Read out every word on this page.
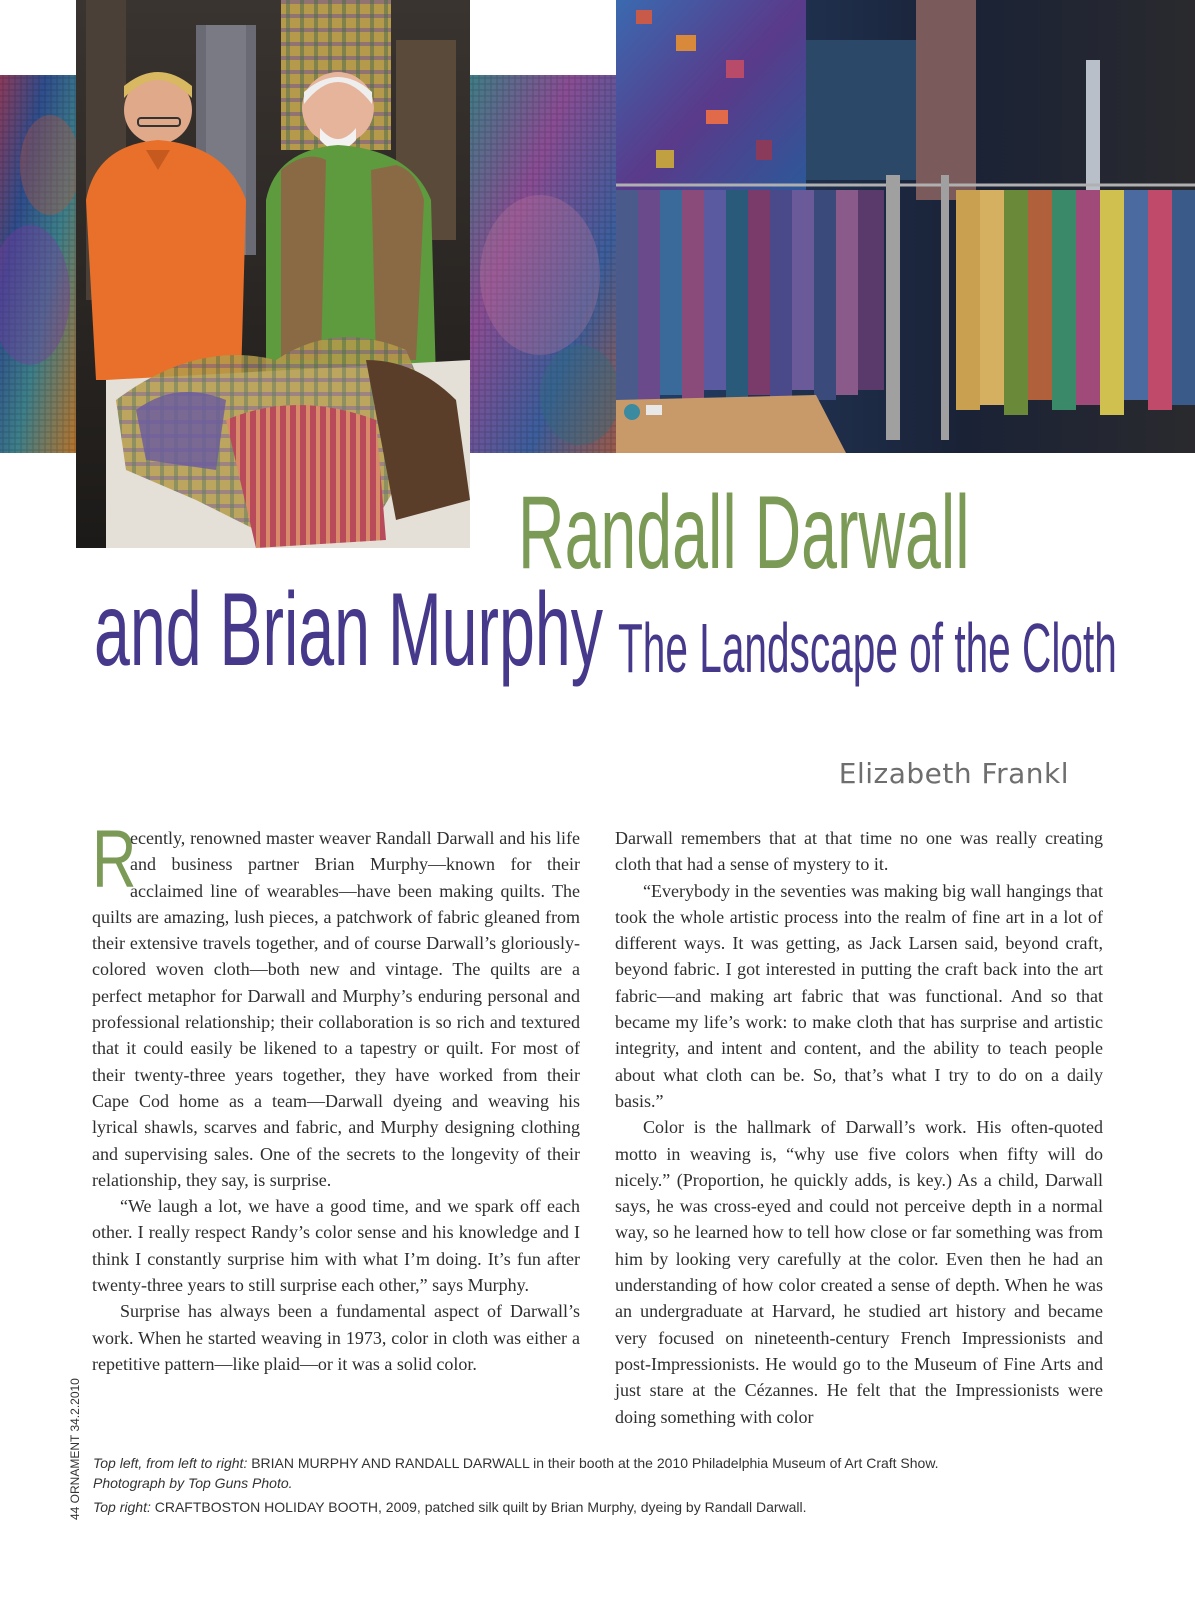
Randall Darwall
and Brian Murphy The Landscape of the Cloth
Elizabeth Frankl

R
ecently, renowned master weaver Randall Darwall and his life and business partner Brian Murphy—known for their acclaimed line of wearables—have been making quilts. The quilts are amazing, lush pieces, a patchwork of fabric gleaned from their extensive travels together, and of course Darwall’s gloriously-colored woven cloth—both new and vintage. The quilts are a perfect metaphor for Darwall and Murphy’s enduring personal and professional relationship; their collaboration is so rich and textured that it could easily be likened to a tapestry or quilt. For most of their twenty-three years together, they have worked from their Cape Cod home as a team—Darwall dyeing and weaving his lyrical shawls, scarves and fabric, and Murphy designing clothing and supervising sales. One of the secrets to the longevity of their relationship, they say, is surprise.

“We laugh a lot, we have a good time, and we spark off each other. I really respect Randy’s color sense and his knowledge and I think I constantly surprise him with what I’m doing. It’s fun after twenty-three years to still surprise each other,” says Murphy.

Surprise has always been a fundamental aspect of Darwall’s work. When he started weaving in 1973, color in cloth was either a repetitive pattern—like plaid—or it was a solid color.

Darwall remembers that at that time no one was really creating cloth that had a sense of mystery to it.

“Everybody in the seventies was making big wall hangings that took the whole artistic process into the realm of fine art in a lot of different ways. It was getting, as Jack Larsen said, beyond craft, beyond fabric. I got interested in putting the craft back into the art fabric—and making art fabric that was functional. And so that became my life’s work: to make cloth that has surprise and artistic integrity, and intent and content, and the ability to teach people about what cloth can be. So, that’s what I try to do on a daily basis.”

Color is the hallmark of Darwall’s work. His often-quoted motto in weaving is, “why use five colors when fifty will do nicely.” (Proportion, he quickly adds, is key.) As a child, Darwall says, he was cross-eyed and could not perceive depth in a normal way, so he learned how to tell how close or far something was from him by looking very carefully at the color. Even then he had an understanding of how color created a sense of depth. When he was an undergraduate at Harvard, he studied art history and became very focused on nineteenth-century French Impressionists and post-Impressionists. He would go to the Museum of Fine Arts and just stare at the Cézannes. He felt that the Impressionists were doing something with color

Top left, from left to right: BRIAN MURPHY AND RANDALL DARWALL in their booth at the 2010 Philadelphia Museum of Art Craft Show.
Photograph by Top Guns Photo.

Top right: CRAFTBOSTON HOLIDAY BOOTH, 2009, patched silk quilt by Brian Murphy, dyeing by Randall Darwall.

44 ORNAMENT 34.2.2010
